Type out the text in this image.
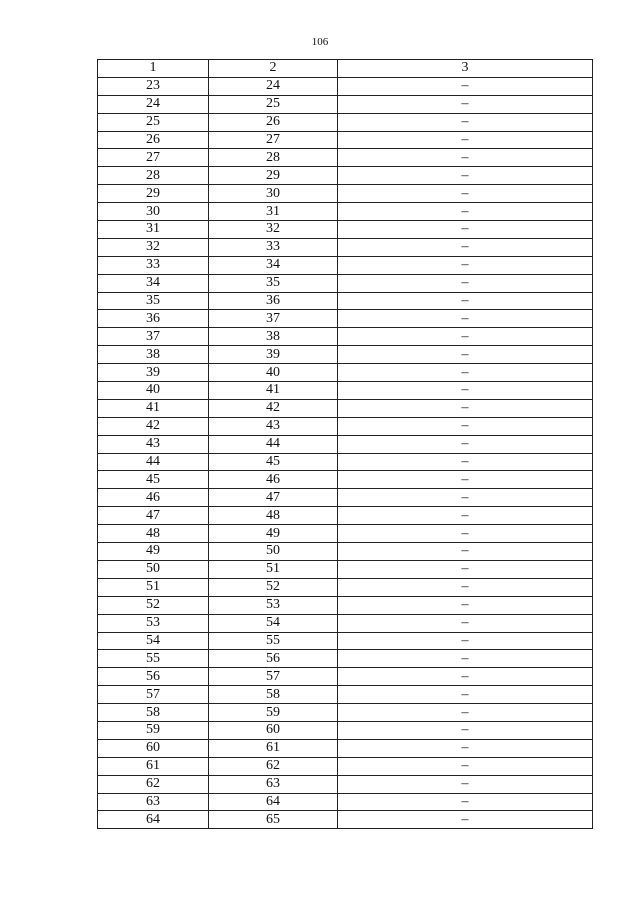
106
1	2	3
23	24	–
24	25	–
25	26	–
26	27	–
27	28	–
28	29	–
29	30	–
30	31	–
31	32	–
32	33	–
33	34	–
34	35	–
35	36	–
36	37	–
37	38	–
38	39	–
39	40	–
40	41	–
41	42	–
42	43	–
43	44	–
44	45	–
45	46	–
46	47	–
47	48	–
48	49	–
49	50	–
50	51	–
51	52	–
52	53	–
53	54	–
54	55	–
55	56	–
56	57	–
57	58	–
58	59	–
59	60	–
60	61	–
61	62	–
62	63	–
63	64	–
64	65	–
